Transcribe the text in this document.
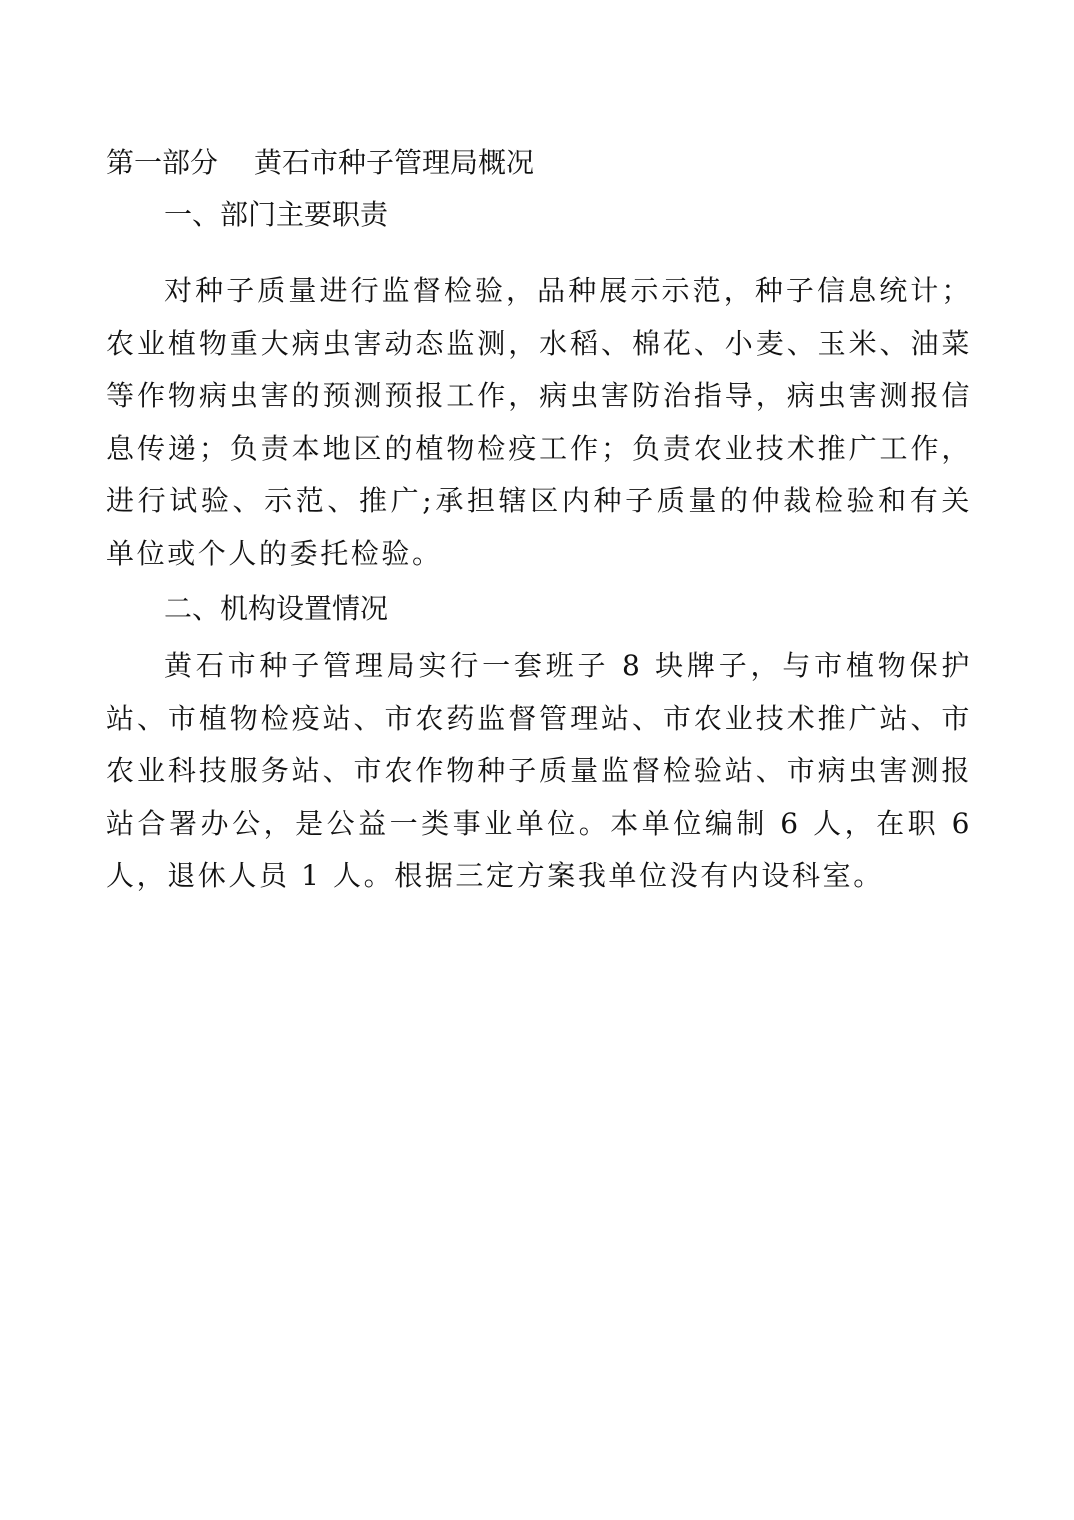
第一部分 黄石市种子管理局概况
一、部门主要职责

对种子质量进行监督检验，品种展示示范，种子信息统计；农业植物重大病虫害动态监测，水稻、棉花、小麦、玉米、油菜等作物病虫害的预测预报工作，病虫害防治指导，病虫害测报信息传递；负责本地区的植物检疫工作；负责农业技术推广工作，进行试验、示范、推广;承担辖区内种子质量的仲裁检验和有关单位或个人的委托检验。

二、机构设置情况

黄石市种子管理局实行一套班子 8 块牌子，与市植物保护站、市植物检疫站、市农药监督管理站、市农业技术推广站、市农业科技服务站、市农作物种子质量监督检验站、市病虫害测报站合署办公，是公益一类事业单位。本单位编制 6 人，在职 6 人，退休人员 1 人。根据三定方案我单位没有内设科室。
